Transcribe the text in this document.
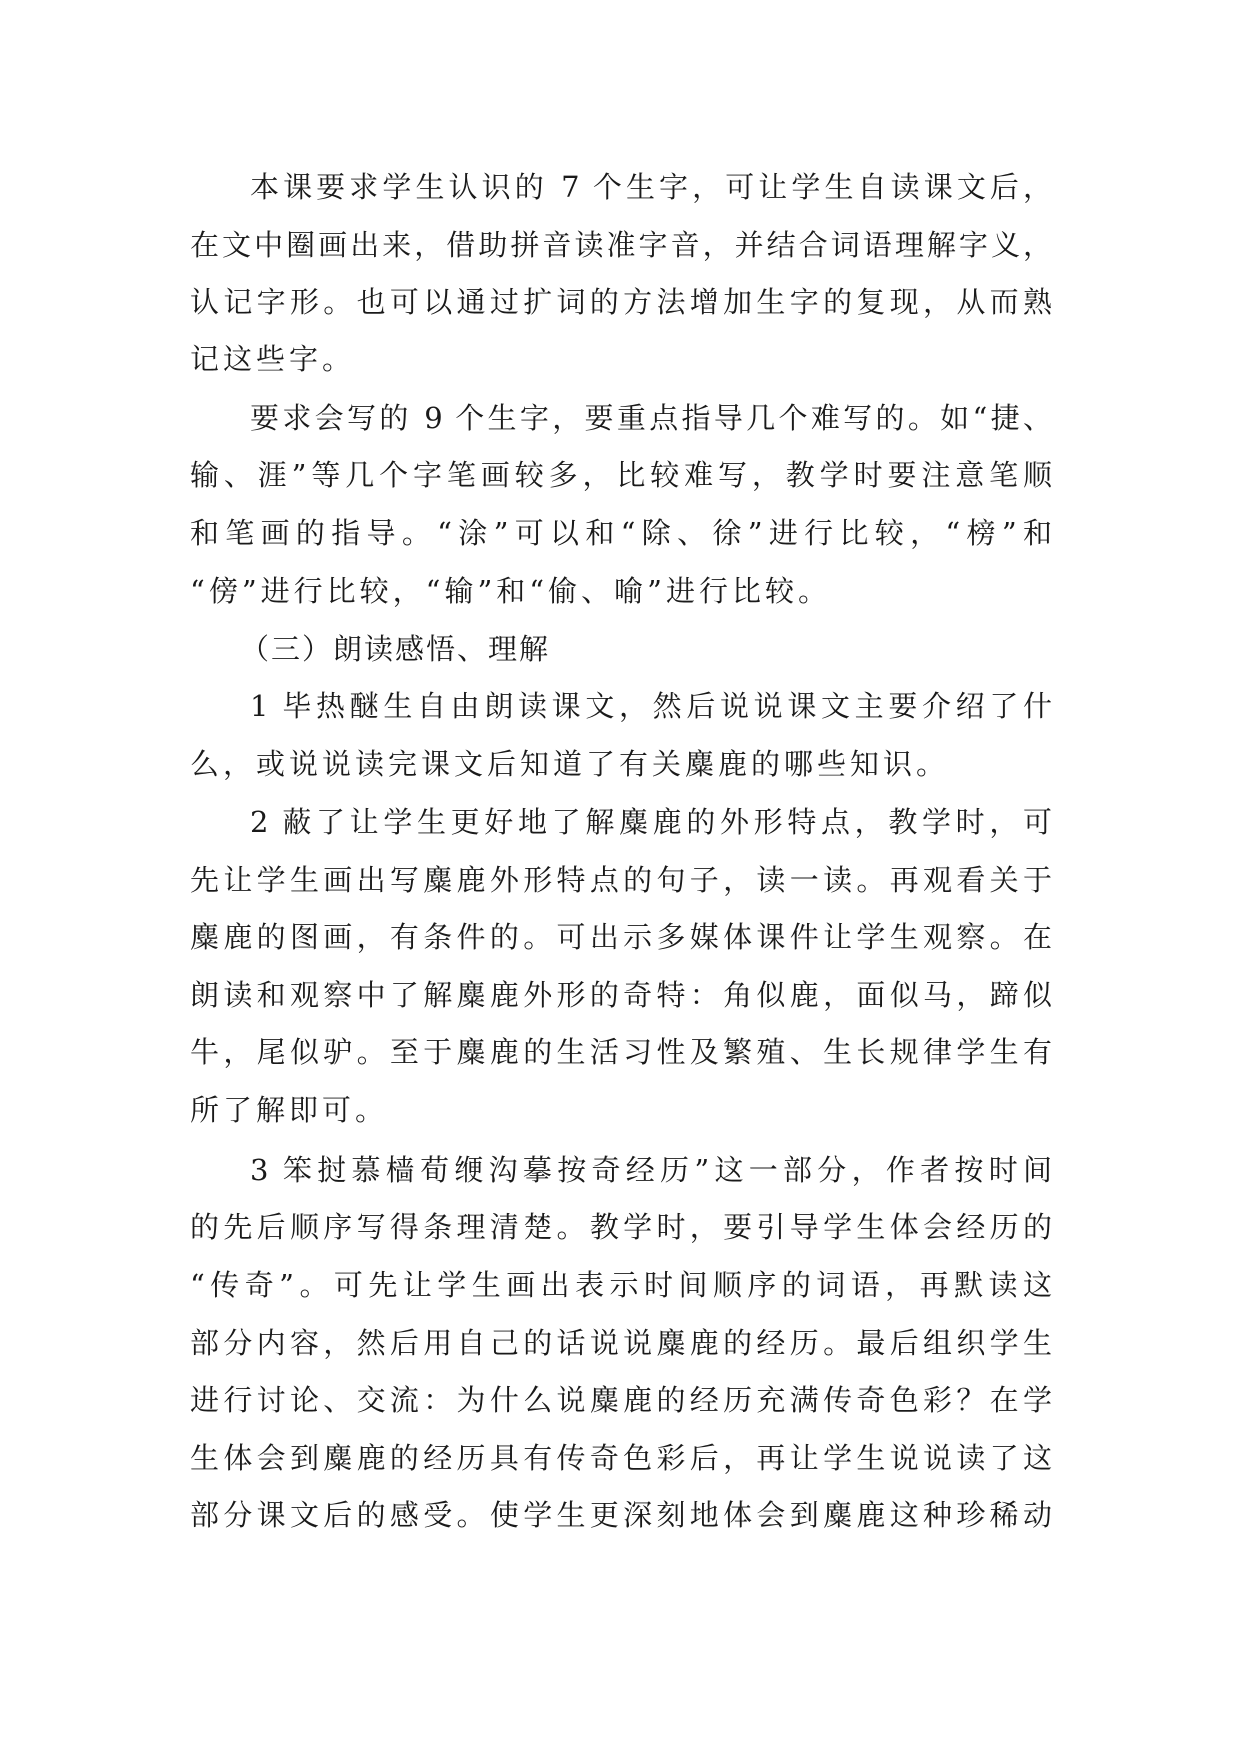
本课要求学生认识的 7 个生字，可让学生自读课文后，
在文中圈画出来，借助拼音读准字音，并结合词语理解字义，
认记字形。也可以通过扩词的方法增加生字的复现，从而熟
记这些字。
要求会写的 9 个生字，要重点指导几个难写的。如“捷、
输、涯”等几个字笔画较多，比较难写，教学时要注意笔顺
和笔画的指导。“涂”可以和“除、徐”进行比较，“榜”和
“傍”进行比较，“输”和“偷、喻”进行比较。
（三）朗读感悟、理解
1 毕热醚生自由朗读课文，然后说说课文主要介绍了什
么，或说说读完课文后知道了有关麋鹿的哪些知识。
2 蔽了让学生更好地了解麋鹿的外形特点，教学时，可
先让学生画出写麋鹿外形特点的句子，读一读。再观看关于
麋鹿的图画，有条件的。可出示多媒体课件让学生观察。在
朗读和观察中了解麋鹿外形的奇特：角似鹿，面似马，蹄似
牛，尾似驴。至于麋鹿的生活习性及繁殖、生长规律学生有
所了解即可。
3 笨挝慕樯荀缏沟摹按奇经历”这一部分，作者按时间
的先后顺序写得条理清楚。教学时，要引导学生体会经历的
“传奇”。可先让学生画出表示时间顺序的词语，再默读这
部分内容，然后用自己的话说说麋鹿的经历。最后组织学生
进行讨论、交流：为什么说麋鹿的经历充满传奇色彩？在学
生体会到麋鹿的经历具有传奇色彩后，再让学生说说读了这
部分课文后的感受。使学生更深刻地体会到麋鹿这种珍稀动
